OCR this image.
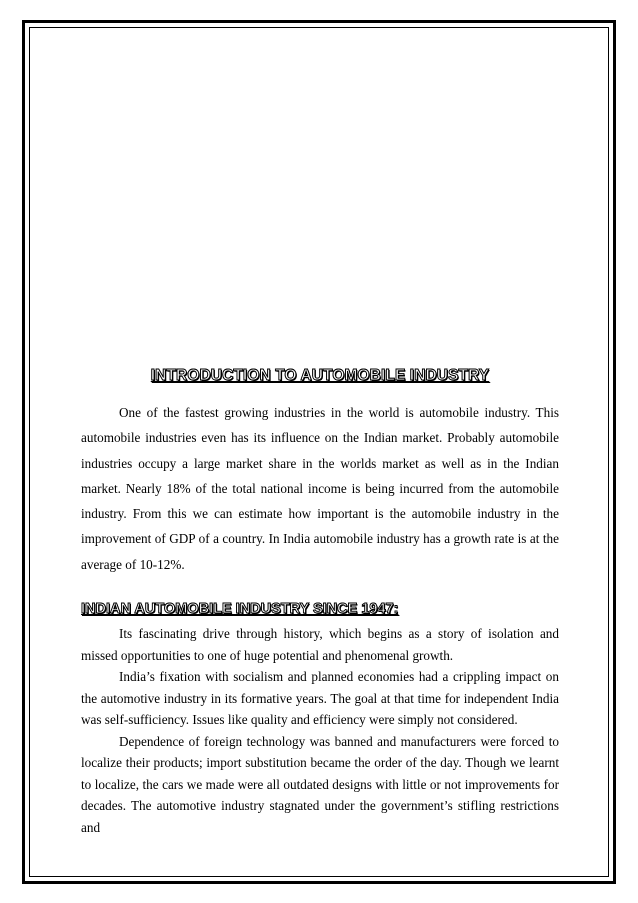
INTRODUCTION TO AUTOMOBILE INDUSTRY

One of the fastest growing industries in the world is automobile industry. This automobile industries even has its influence on the Indian market. Probably automobile industries occupy a large market share in the worlds market as well as in the Indian market. Nearly 18% of the total national income is being incurred from the automobile industry. From this we can estimate how important is the automobile industry in the improvement of GDP of a country. In India automobile industry has a growth rate is at the average of 10-12%.

INDIAN AUTOMOBILE INDUSTRY SINCE 1947:

Its fascinating drive through history, which begins as a story of isolation and missed opportunities to one of huge potential and phenomenal growth.

India’s fixation with socialism and planned economies had a crippling impact on the automotive industry in its formative years. The goal at that time for independent India was self-sufficiency. Issues like quality and efficiency were simply not considered.

Dependence of foreign technology was banned and manufacturers were forced to localize their products; import substitution became the order of the day. Though we learnt to localize, the cars we made were all outdated designs with little or not improvements for decades. The automotive industry stagnated under the government’s stifling restrictions and
